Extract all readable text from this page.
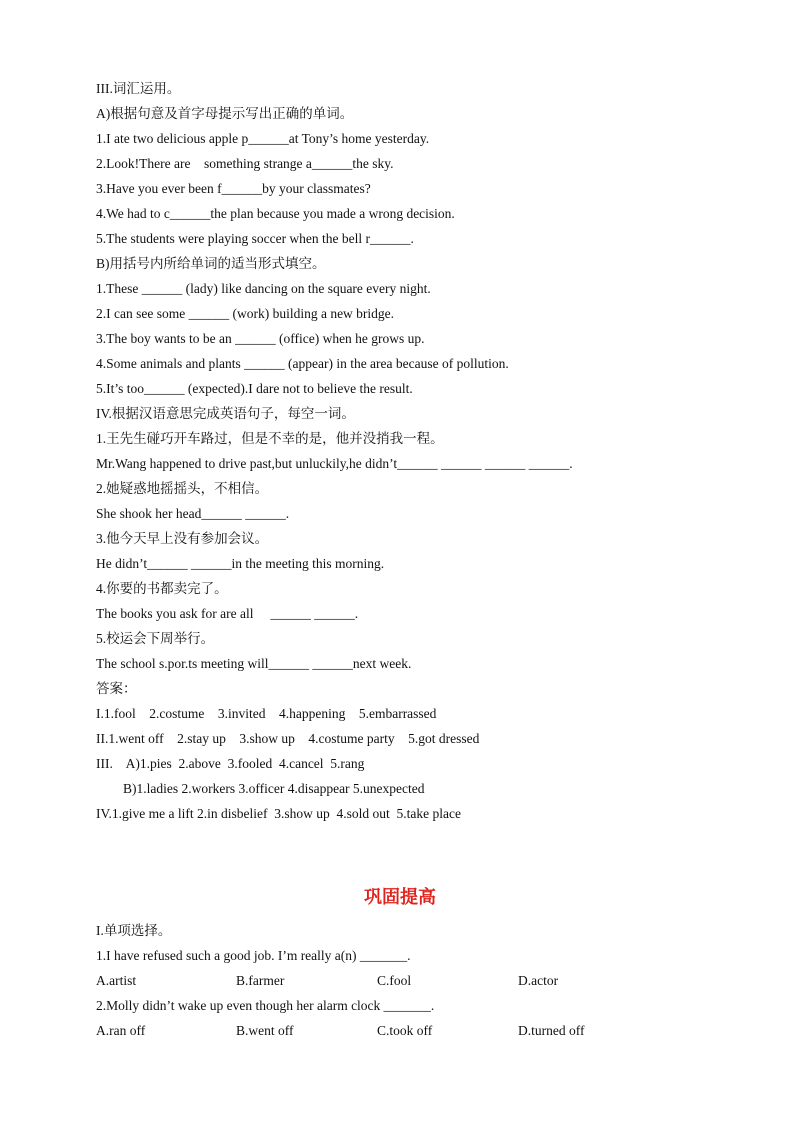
III.词汇运用。
A)根据句意及首字母提示写出正确的单词。
1.I ate two delicious apple p______at Tony’s home yesterday.
2.Look!There are    something strange a______the sky.
3.Have you ever been f______by your classmates?
4.We had to c______the plan because you made a wrong decision.
5.The students were playing soccer when the bell r______.
B)用括号内所给单词的适当形式填空。
1.These ______ (lady) like dancing on the square every night.
2.I can see some ______ (work) building a new bridge.
3.The boy wants to be an ______ (office) when he grows up.
4.Some animals and plants ______ (appear) in the area because of pollution.
5.It’s too______ (expected).I dare not to believe the result.
IV.根据汉语意思完成英语句子，每空一词。
1.王先生碰巧开车路过，但是不幸的是，他并没捎我一程。
Mr.Wang happened to drive past,but unluckily,he didn’t______ ______ ______ ______.
2.她疑惑地摇摇头，不相信。
She shook her head______ ______.
3.他今天早上没有参加会议。
He didn’t______ ______in the meeting this morning.
4.你要的书都卖完了。
The books you ask for are all     ______ ______.
5.校运会下周举行。
The school s.por.ts meeting will______ ______next week.
答案：
I.1.fool    2.costume    3.invited    4.happening    5.embarrassed
II.1.went off    2.stay up    3.show up    4.costume party    5.got dressed
III.    A)1.pies  2.above  3.fooled  4.cancel  5.rang
B)1.ladies 2.workers 3.officer 4.disappear 5.unexpected
IV.1.give me a lift 2.in disbelief  3.show up  4.sold out  5.take place
巩固提高
I.单项选择。
1.I have refused such a good job. I’m really a(n) _______.
A.artist	B.farmer	C.fool	D.actor
2.Molly didn’t wake up even though her alarm clock _______.
A.ran off	B.went off	C.took off	D.turned off
